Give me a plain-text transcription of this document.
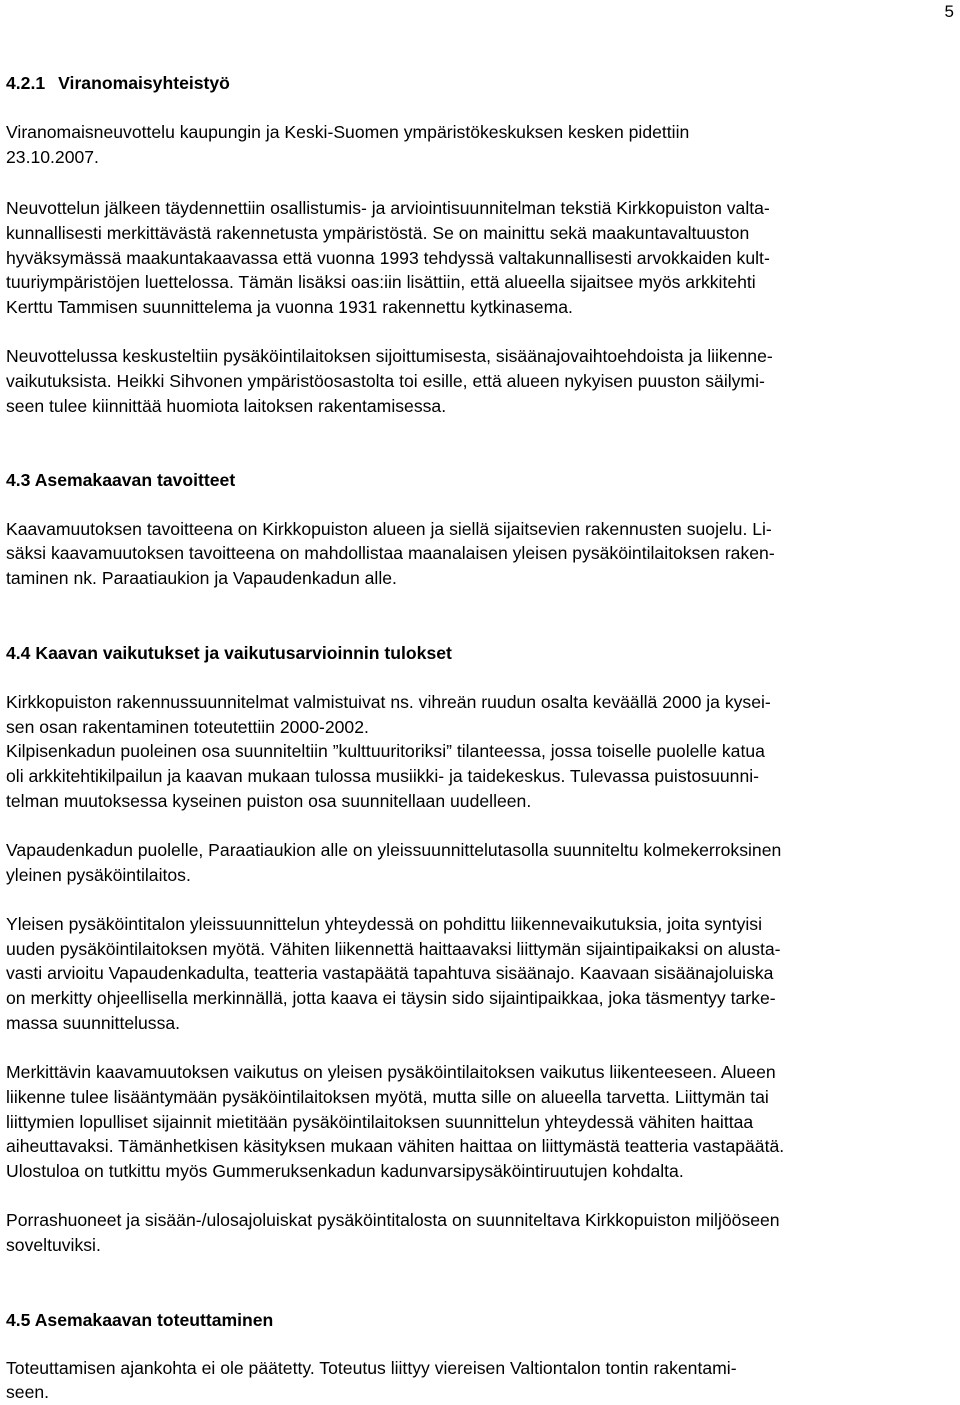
5
4.2.1 Viranomaisyhteistyö

Viranomaisneuvottelu kaupungin ja Keski-Suomen ympäristökeskuksen kesken pidettiin

23.10.2007.

Neuvottelun jälkeen täydennettiin osallistumis- ja arviointisuunnitelman tekstiä Kirkkopuiston valta-

kunnallisesti merkittävästä rakennetusta ympäristöstä. Se on mainittu sekä maakuntavaltuuston

hyväksymässä maakuntakaavassa että vuonna 1993 tehdyssä valtakunnallisesti arvokkaiden kult-

tuuriympäristöjen luettelossa. Tämän lisäksi oas:iin lisättiin, että alueella sijaitsee myös arkkitehti

Kerttu Tammisen suunnittelema ja vuonna 1931 rakennettu kytkinasema.

Neuvottelussa keskusteltiin pysäköintilaitoksen sijoittumisesta, sisäänajovaihtoehdoista ja liikenne-

vaikutuksista. Heikki Sihvonen ympäristöosastolta toi esille, että alueen nykyisen puuston säilymi-

seen tulee kiinnittää huomiota laitoksen rakentamisessa.

4.3 Asemakaavan tavoitteet

Kaavamuutoksen tavoitteena on Kirkkopuiston alueen ja siellä sijaitsevien rakennusten suojelu. Li-

säksi kaavamuutoksen tavoitteena on mahdollistaa maanalaisen yleisen pysäköintilaitoksen raken-

taminen nk. Paraatiaukion ja Vapaudenkadun alle.

4.4 Kaavan vaikutukset ja vaikutusarvioinnin tulokset

Kirkkopuiston rakennussuunnitelmat valmistuivat ns. vihreän ruudun osalta keväällä 2000 ja kysei-

sen osan rakentaminen toteutettiin 2000-2002.

Kilpisenkadun puoleinen osa suunniteltiin ”kulttuuritoriksi” tilanteessa, jossa toiselle puolelle katua

oli arkkitehtikilpailun ja kaavan mukaan tulossa musiikki- ja taidekeskus. Tulevassa puistosuunni-

telman muutoksessa kyseinen puiston osa suunnitellaan uudelleen.

Vapaudenkadun puolelle, Paraatiaukion alle on yleissuunnittelutasolla suunniteltu kolmekerroksinen

yleinen pysäköintilaitos.

Yleisen pysäköintitalon yleissuunnittelun yhteydessä on pohdittu liikennevaikutuksia, joita syntyisi

uuden pysäköintilaitoksen myötä. Vähiten liikennettä haittaavaksi liittymän sijaintipaikaksi on alusta-

vasti arvioitu Vapaudenkadulta, teatteria vastapäätä tapahtuva sisäänajo. Kaavaan sisäänajoluiska

on merkitty ohjeellisella merkinnällä, jotta kaava ei täysin sido sijaintipaikkaa, joka täsmentyy tarke-

massa suunnittelussa.

Merkittävin kaavamuutoksen vaikutus on yleisen pysäköintilaitoksen vaikutus liikenteeseen. Alueen

liikenne tulee lisääntymään pysäköintilaitoksen myötä, mutta sille on alueella tarvetta. Liittymän tai

liittymien lopulliset sijainnit mietitään pysäköintilaitoksen suunnittelun yhteydessä vähiten haittaa

aiheuttavaksi. Tämänhetkisen käsityksen mukaan vähiten haittaa on liittymästä teatteria vastapäätä.

Ulostuloa on tutkittu myös Gummeruksenkadun kadunvarsipysäköintiruutujen kohdalta.

Porrashuoneet ja sisään-/ulosajoluiskat pysäköintitalosta on suunniteltava Kirkkopuiston miljööseen

soveltuviksi.

4.5 Asemakaavan toteuttaminen

Toteuttamisen ajankohta ei ole päätetty. Toteutus liittyy viereisen Valtiontalon tontin rakentami-

seen.
